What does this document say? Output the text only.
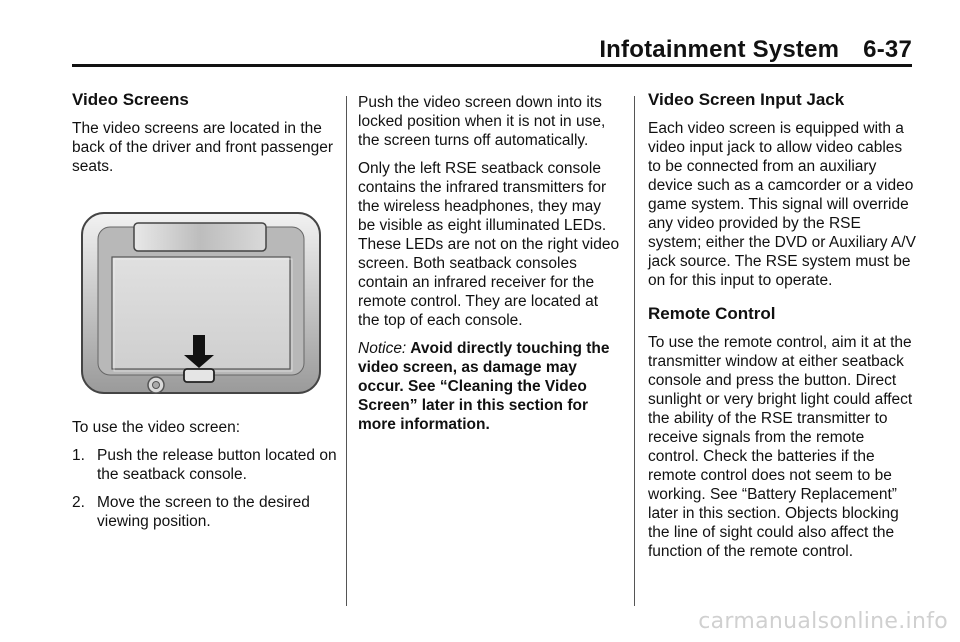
Infotainment System 6-37
Video Screens

The video screens are located in the back of the driver and front passenger seats.

To use the video screen:

1. Push the release button located on the seatback console.
2. Move the screen to the desired viewing position.

Push the video screen down into its locked position when it is not in use, the screen turns off automatically.

Only the left RSE seatback console contains the infrared transmitters for the wireless headphones, they may be visible as eight illuminated LEDs. These LEDs are not on the right video screen. Both seatback consoles contain an infrared receiver for the remote control. They are located at the top of each console.

Notice: Avoid directly touching the video screen, as damage may occur. See “Cleaning the Video Screen” later in this section for more information.

Video Screen Input Jack

Each video screen is equipped with a video input jack to allow video cables to be connected from an auxiliary device such as a camcorder or a video game system. This signal will override any video provided by the RSE system; either the DVD or Auxiliary A/V jack source. The RSE system must be on for this input to operate.

Remote Control

To use the remote control, aim it at the transmitter window at either seatback console and press the button. Direct sunlight or very bright light could affect the ability of the RSE transmitter to receive signals from the remote control. Check the batteries if the remote control does not seem to be working. See “Battery Replacement” later in this section. Objects blocking the line of sight could also affect the function of the remote control.

carmanualsonline.info
